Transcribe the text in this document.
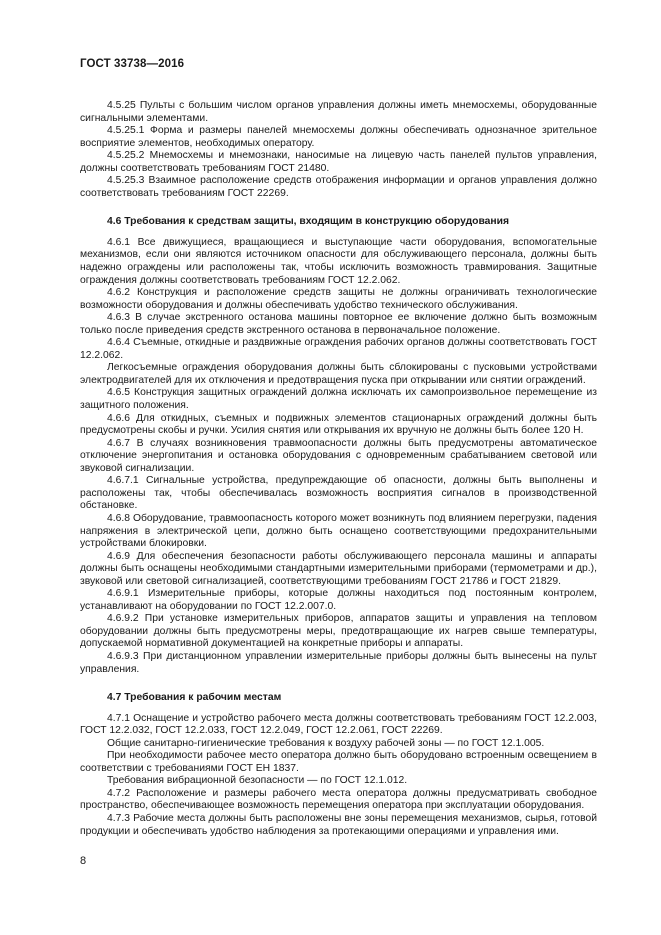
ГОСТ 33738—2016

4.5.25 Пульты с большим числом органов управления должны иметь мнемосхемы, оборудованные сигнальными элементами.

4.5.25.1 Форма и размеры панелей мнемосхемы должны обеспечивать однозначное зрительное восприятие элементов, необходимых оператору.

4.5.25.2 Мнемосхемы и мнемознаки, наносимые на лицевую часть панелей пультов управления, должны соответствовать требованиям ГОСТ 21480.

4.5.25.3 Взаимное расположение средств отображения информации и органов управления должно соответствовать требованиям ГОСТ 22269.

4.6 Требования к средствам защиты, входящим в конструкцию оборудования

4.6.1 Все движущиеся, вращающиеся и выступающие части оборудования, вспомогательные механизмов, если они являются источником опасности для обслуживающего персонала, должны быть надежно ограждены или расположены так, чтобы исключить возможность травмирования. Защитные ограждения должны соответствовать требованиям ГОСТ 12.2.062.

4.6.2 Конструкция и расположение средств защиты не должны ограничивать технологические возможности оборудования и должны обеспечивать удобство технического обслуживания.

4.6.3 В случае экстренного останова машины повторное ее включение должно быть возможным только после приведения средств экстренного останова в первоначальное положение.

4.6.4 Съемные, откидные и раздвижные ограждения рабочих органов должны соответствовать ГОСТ 12.2.062.

Легкосъемные ограждения оборудования должны быть сблокированы с пусковыми устройствами электродвигателей для их отключения и предотвращения пуска при открывании или снятии ограждений.

4.6.5 Конструкция защитных ограждений должна исключать их самопроизвольное перемещение из защитного положения.

4.6.6 Для откидных, съемных и подвижных элементов стационарных ограждений должны быть предусмотрены скобы и ручки. Усилия снятия или открывания их вручную не должны быть более 120 Н.

4.6.7 В случаях возникновения травмоопасности должны быть предусмотрены автоматическое отключение энергопитания и остановка оборудования с одновременным срабатыванием световой или звуковой сигнализации.

4.6.7.1 Сигнальные устройства, предупреждающие об опасности, должны быть выполнены и расположены так, чтобы обеспечивалась возможность восприятия сигналов в производственной обстановке.

4.6.8 Оборудование, травмоопасность которого может возникнуть под влиянием перегрузки, падения напряжения в электрической цепи, должно быть оснащено соответствующими предохранительными устройствами блокировки.

4.6.9 Для обеспечения безопасности работы обслуживающего персонала машины и аппараты должны быть оснащены необходимыми стандартными измерительными приборами (термометрами и др.), звуковой или световой сигнализацией, соответствующими требованиям ГОСТ 21786 и ГОСТ 21829.

4.6.9.1 Измерительные приборы, которые должны находиться под постоянным контролем, устанавливают на оборудовании по ГОСТ 12.2.007.0.

4.6.9.2 При установке измерительных приборов, аппаратов защиты и управления на тепловом оборудовании должны быть предусмотрены меры, предотвращающие их нагрев свыше температуры, допускаемой нормативной документацией на конкретные приборы и аппараты.

4.6.9.3 При дистанционном управлении измерительные приборы должны быть вынесены на пульт управления.

4.7 Требования к рабочим местам

4.7.1 Оснащение и устройство рабочего места должны соответствовать требованиям ГОСТ 12.2.003, ГОСТ 12.2.032, ГОСТ 12.2.033, ГОСТ 12.2.049, ГОСТ 12.2.061, ГОСТ 22269.

Общие санитарно-гигиенические требования к воздуху рабочей зоны — по ГОСТ 12.1.005.

При необходимости рабочее место оператора должно быть оборудовано встроенным освещением в соответствии с требованиями ГОСТ ЕН 1837.

Требования вибрационной безопасности — по ГОСТ 12.1.012.

4.7.2 Расположение и размеры рабочего места оператора должны предусматривать свободное пространство, обеспечивающее возможность перемещения оператора при эксплуатации оборудования.

4.7.3 Рабочие места должны быть расположены вне зоны перемещения механизмов, сырья, готовой продукции и обеспечивать удобство наблюдения за протекающими операциями и управления ими.

8
